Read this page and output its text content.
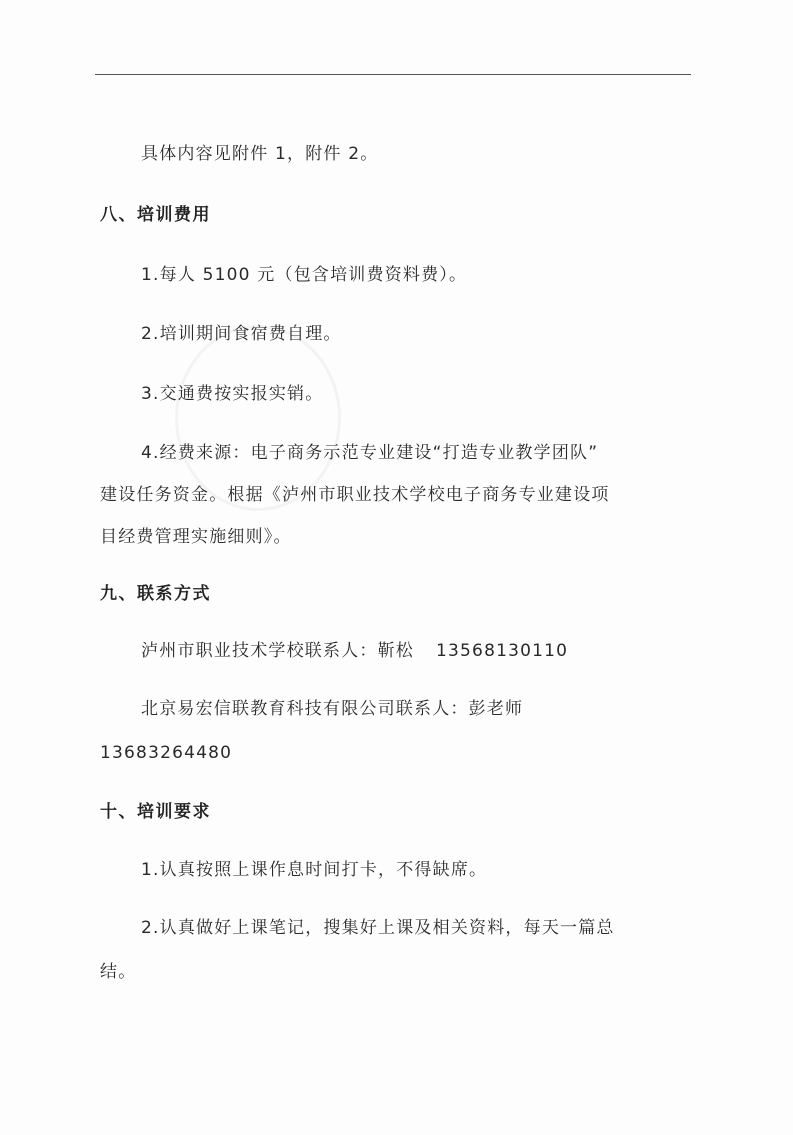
具体内容见附件 1，附件 2。
八、培训费用
1.每人 5100 元（包含培训费资料费）。
2.培训期间食宿费自理。
3.交通费按实报实销。
4.经费来源：电子商务示范专业建设“打造专业教学团队”
建设任务资金。根据《泸州市职业技术学校电子商务专业建设项
目经费管理实施细则》。
九、联系方式
泸州市职业技术学校联系人：靳松 13568130110
北京易宏信联教育科技有限公司联系人：彭老师
13683264480
十、培训要求
1.认真按照上课作息时间打卡，不得缺席。
2.认真做好上课笔记，搜集好上课及相关资料，每天一篇总
结。
